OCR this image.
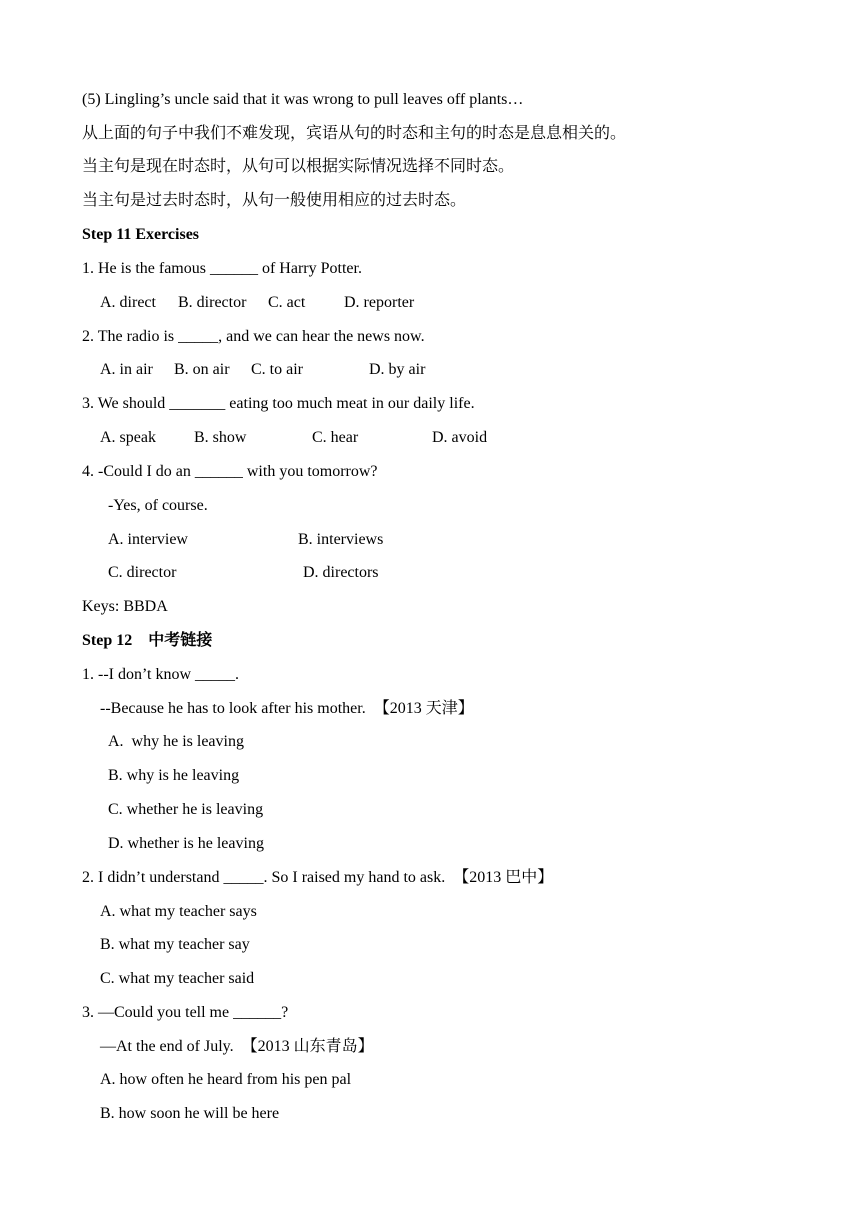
(5) Lingling’s uncle said that it was wrong to pull leaves off plants…
从上面的句子中我们不难发现，宾语从句的时态和主句的时态是息息相关的。
当主句是现在时态时，从句可以根据实际情况选择不同时态。
当主句是过去时态时，从句一般使用相应的过去时态。
Step 11 Exercises
1. He is the famous ______ of Harry Potter.
A. direct B. director C. act D. reporter
2. The radio is _____, and we can hear the news now.
A. in air B. on air C. to air	D. by air
3. We should _______ eating too much meat in our daily life.
A. speak B. show	C. hear	D. avoid
4. -Could I do an ______ with you tomorrow?
-Yes, of course.
A. interview	B. interviews
C. director	D. directors
Keys: BBDA
Step 12    中考链接
1. --I don’t know _____.
--Because he has to look after his mother.  【2013 天津】
A.  why he is leaving
B. why is he leaving
C. whether he is leaving
D. whether is he leaving
2. I didn’t understand _____. So I raised my hand to ask.  【2013 巴中】
A. what my teacher says
B. what my teacher say
C. what my teacher said
3. —Could you tell me ______?
—At the end of July.  【2013 山东青岛】
A. how often he heard from his pen pal
B. how soon he will be here
